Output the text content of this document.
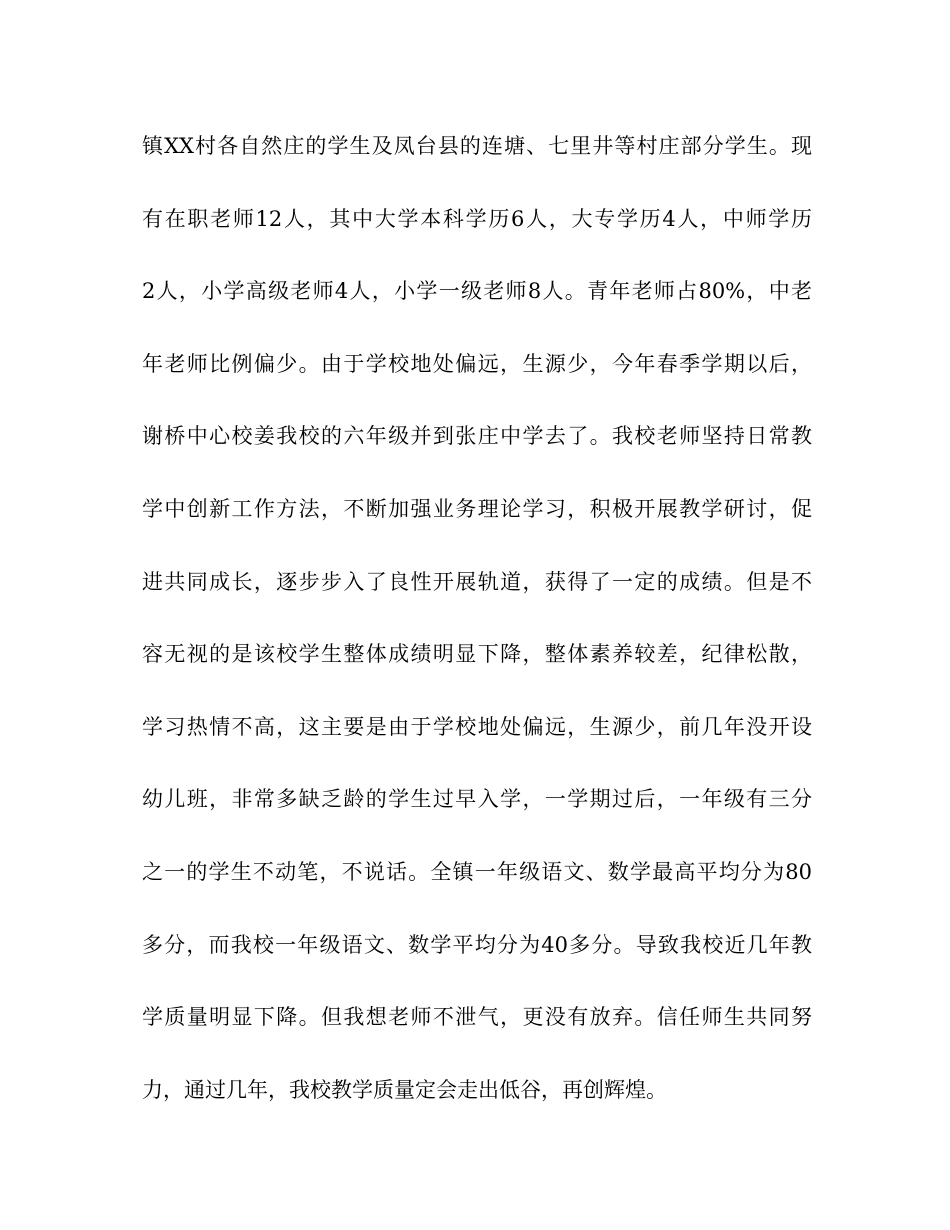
镇XX村各自然庄的学生及凤台县的连塘、七里井等村庄部分学生。现
有在职老师12人，其中大学本科学历6人，大专学历4人，中师学历
2人，小学高级老师4人，小学一级老师8人。青年老师占80%，中老
年老师比例偏少。由于学校地处偏远，生源少，今年春季学期以后，
谢桥中心校姜我校的六年级并到张庄中学去了。我校老师坚持日常教
学中创新工作方法，不断加强业务理论学习，积极开展教学研讨，促
进共同成长，逐步步入了良性开展轨道，获得了一定的成绩。但是不
容无视的是该校学生整体成绩明显下降，整体素养较差，纪律松散，
学习热情不高，这主要是由于学校地处偏远，生源少，前几年没开设
幼儿班，非常多缺乏龄的学生过早入学，一学期过后，一年级有三分
之一的学生不动笔，不说话。全镇一年级语文、数学最高平均分为80
多分，而我校一年级语文、数学平均分为40多分。导致我校近几年教
学质量明显下降。但我想老师不泄气，更没有放弃。信任师生共同努
力，通过几年，我校教学质量定会走出低谷，再创辉煌。
